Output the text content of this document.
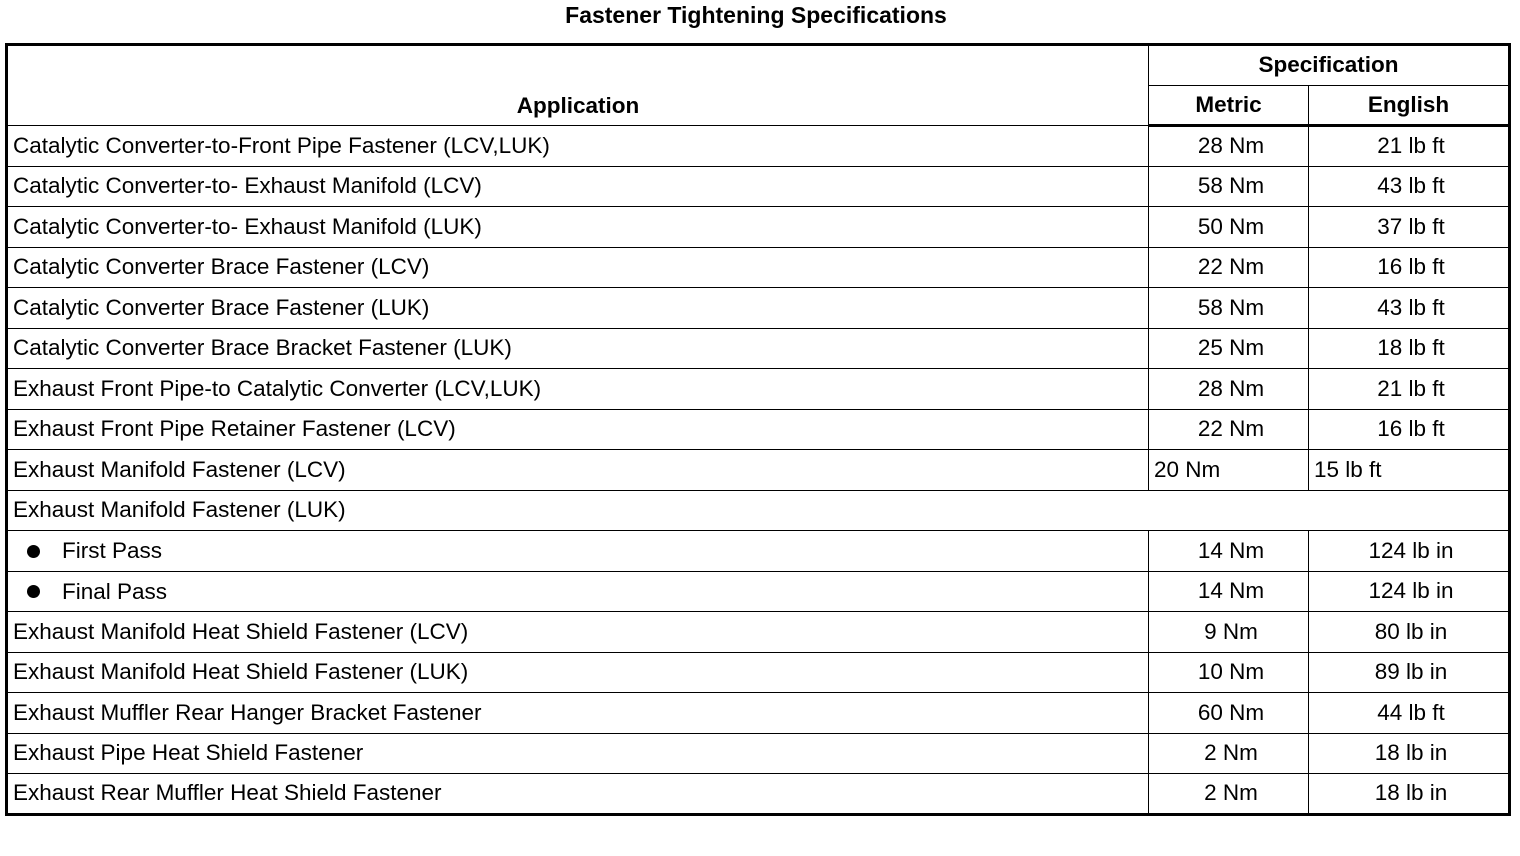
Fastener Tightening Specifications
Application	Specification	
	Metric	English
Catalytic Converter-to-Front Pipe Fastener (LCV,LUK)	28 Nm	21 lb ft
Catalytic Converter-to- Exhaust Manifold (LCV)	58 Nm	43 lb ft
Catalytic Converter-to- Exhaust Manifold (LUK)	50 Nm	37 lb ft
Catalytic Converter Brace Fastener (LCV)	22 Nm	16 lb ft
Catalytic Converter Brace Fastener (LUK)	58 Nm	43 lb ft
Catalytic Converter Brace Bracket Fastener (LUK)	25 Nm	18 lb ft
Exhaust Front Pipe-to Catalytic Converter (LCV,LUK)	28 Nm	21 lb ft
Exhaust Front Pipe Retainer Fastener (LCV)	22 Nm	16 lb ft
Exhaust Manifold Fastener (LCV)	20 Nm	15 lb ft
Exhaust Manifold Fastener (LUK)		

First Pass	14 Nm	124 lb in

Final Pass	14 Nm	124 lb in
Exhaust Manifold Heat Shield Fastener (LCV)	9 Nm	80 lb in
Exhaust Manifold Heat Shield Fastener (LUK)	10 Nm	89 lb in
Exhaust Muffler Rear Hanger Bracket Fastener	60 Nm	44 lb ft
Exhaust Pipe Heat Shield Fastener	2 Nm	18 lb in
Exhaust Rear Muffler Heat Shield Fastener	2 Nm	18 lb in
